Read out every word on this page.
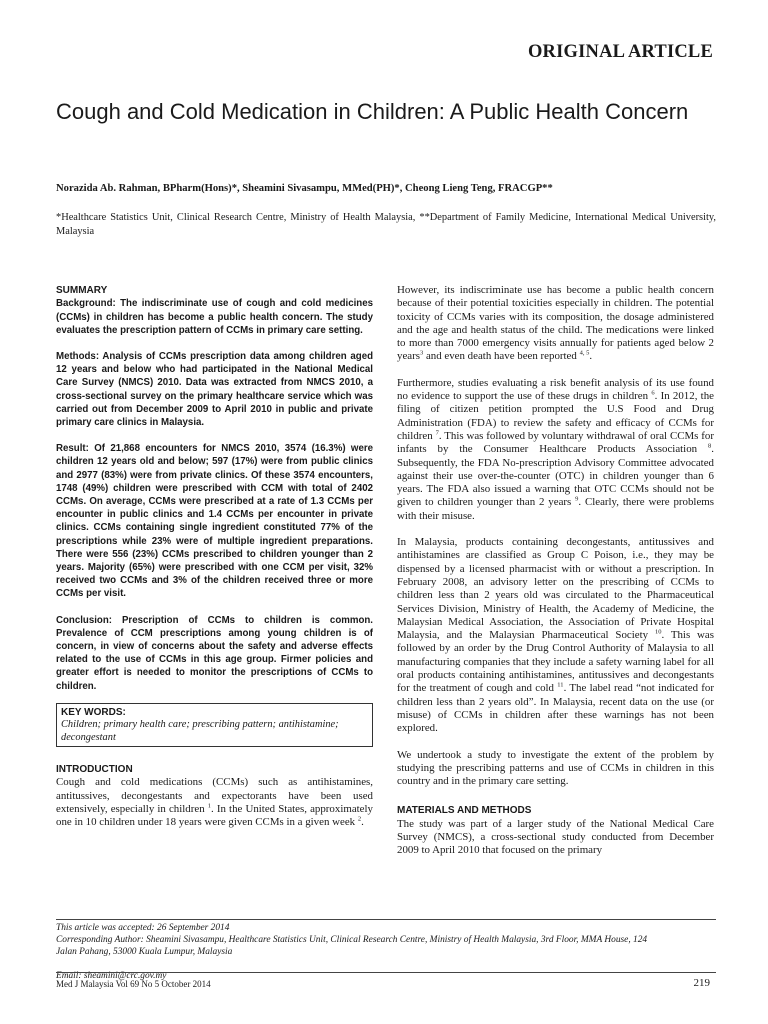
ORIGINAL ARTICLE
Cough and Cold Medication in Children: A Public Health Concern
Norazida Ab. Rahman, BPharm(Hons)*, Sheamini Sivasampu, MMed(PH)*, Cheong Lieng Teng, FRACGP**
*Healthcare Statistics Unit, Clinical Research Centre, Ministry of Health Malaysia, **Department of Family Medicine, International Medical University, Malaysia
SUMMARY

Background: The indiscriminate use of cough and cold medicines (CCMs) in children has become a public health concern. The study evaluates the prescription pattern of CCMs in primary care setting.

Methods: Analysis of CCMs prescription data among children aged 12 years and below who had participated in the National Medical Care Survey (NMCS) 2010. Data was extracted from NMCS 2010, a cross-sectional survey on the primary healthcare service which was carried out from December 2009 to April 2010 in public and private primary care clinics in Malaysia.

Result: Of 21,868 encounters for NMCS 2010, 3574 (16.3%) were children 12 years old and below; 597 (17%) were from public clinics and 2977 (83%) were from private clinics. Of these 3574 encounters, 1748 (49%) children were prescribed with CCM with total of 2402 CCMs. On average, CCMs were prescribed at a rate of 1.3 CCMs per encounter in public clinics and 1.4 CCMs per encounter in private clinics. CCMs containing single ingredient constituted 77% of the prescriptions while 23% were of multiple ingredient preparations. There were 556 (23%) CCMs prescribed to children younger than 2 years. Majority (65%) were prescribed with one CCM per visit, 32% received two CCMs and 3% of the children received three or more CCMs per visit.

Conclusion: Prescription of CCMs to children is common. Prevalence of CCM prescriptions among young children is of concern, in view of concerns about the safety and adverse effects related to the use of CCMs in this age group. Firmer policies and greater effort is needed to monitor the prescriptions of CCMs to children.

KEY WORDS:
Children; primary health care; prescribing pattern; antihistamine; decongestant
INTRODUCTION

Cough and cold medications (CCMs) such as antihistamines, antitussives, decongestants and expectorants have been used extensively, especially in children $^1$. In the United States, approximately one in 10 children under 18 years were given CCMs in a given week $^2$.

However, its indiscriminate use has become a public health concern because of their potential toxicities especially in children. The potential toxicity of CCMs varies with its composition, the dosage administered and the age and health status of the child. The medications were linked to more than 7000 emergency visits annually for patients aged below 2 years$^3$ and even death have been reported $^{4, 5}$.

Furthermore, studies evaluating a risk benefit analysis of its use found no evidence to support the use of these drugs in children $^6$. In 2012, the filing of citizen petition prompted the U.S Food and Drug Administration (FDA) to review the safety and efficacy of CCMs for children $^7$. This was followed by voluntary withdrawal of oral CCMs for infants by the Consumer Healthcare Products Association $^8$. Subsequently, the FDA No-prescription Advisory Committee advocated against their use over-the-counter (OTC) in children younger than 6 years. The FDA also issued a warning that OTC CCMs should not be given to children younger than 2 years $^9$. Clearly, there were problems with their misuse.

In Malaysia, products containing decongestants, antitussives and antihistamines are classified as Group C Poison, i.e., they may be dispensed by a licensed pharmacist with or without a prescription. In February 2008, an advisory letter on the prescribing of CCMs to children less than 2 years old was circulated to the Pharmaceutical Services Division, Ministry of Health, the Academy of Medicine, the Malaysian Medical Association, the Association of Private Hospital Malaysia, and the Malaysian Pharmaceutical Society $^{10}$. This was followed by an order by the Drug Control Authority of Malaysia to all manufacturing companies that they include a safety warning label for all oral products containing antihistamines, antitussives and decongestants for the treatment of cough and cold $^{11}$. The label read “not indicated for children less than 2 years old”. In Malaysia, recent data on the use (or misuse) of CCMs in children after these warnings has not been explored.

We undertook a study to investigate the extent of the problem by studying the prescribing patterns and use of CCMs in children in this country and in the primary care setting.

MATERIALS AND METHODS

The study was part of a larger study of the National Medical Care Survey (NMCS), a cross-sectional study conducted from December 2009 to April 2010 that focused on the primary

This article was accepted: 26 September 2014
Corresponding Author: Sheamini Sivasampu, Healthcare Statistics Unit, Clinical Research Centre, Ministry of Health Malaysia, 3rd Floor, MMA House, 124
Jalan Pahang, 53000 Kuala Lumpur, Malaysia

Email: sheamini@crc.gov.my
Med J Malaysia Vol 69 No 5 October 2014	219
